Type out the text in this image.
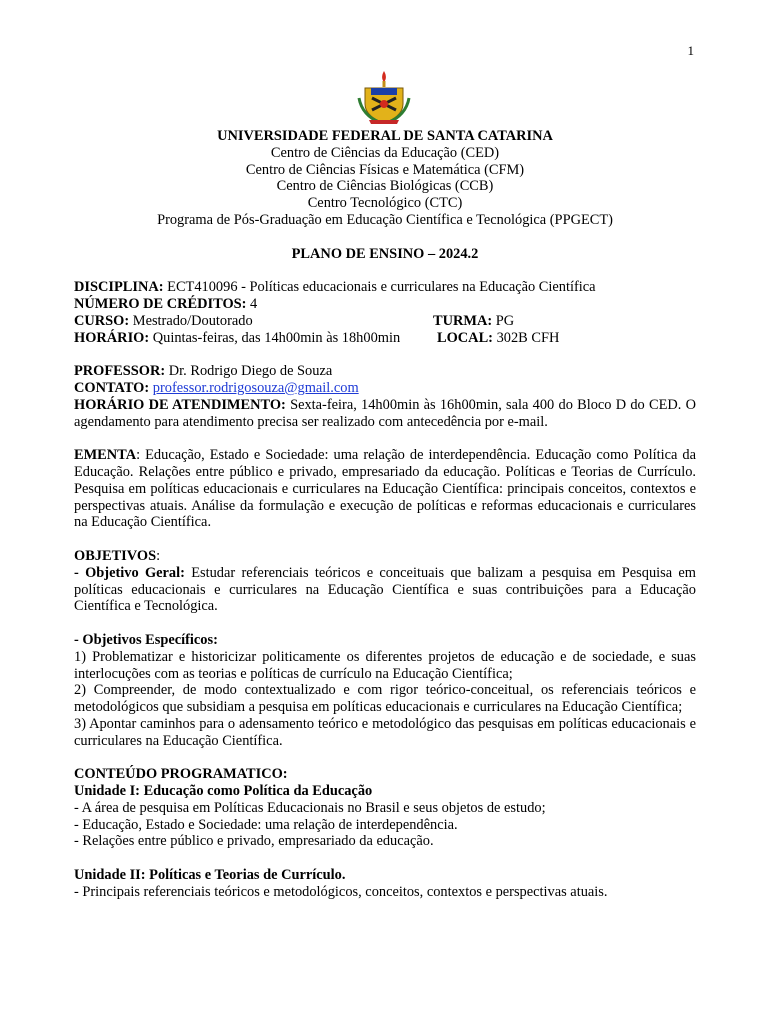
1
UNIVERSIDADE FEDERAL DE SANTA CATARINA
Centro de Ciências da Educação (CED)
Centro de Ciências Físicas e Matemática (CFM)
Centro de Ciências Biológicas (CCB)
Centro Tecnológico (CTC)
Programa de Pós-Graduação em Educação Científica e Tecnológica (PPGECT)
PLANO DE ENSINO – 2024.2

DISCIPLINA: ECT410096 - Políticas educacionais e curriculares na Educação Científica

NÚMERO DE CRÉDITOS: 4

CURSO: Mestrado/Doutorado	TURMA: PG
HORÁRIO: Quintas-feiras, das 14h00min às 18h00min	LOCAL: 302B CFH

PROFESSOR: Dr. Rodrigo Diego de Souza

CONTATO: professor.rodrigosouza@gmail.com

HORÁRIO DE ATENDIMENTO: Sexta-feira, 14h00min às 16h00min, sala 400 do Bloco D do CED. O agendamento para atendimento precisa ser realizado com antecedência por e-mail.

EMENTA: Educação, Estado e Sociedade: uma relação de interdependência. Educação como Política da Educação. Relações entre público e privado, empresariado da educação. Políticas e Teorias de Currículo. Pesquisa em políticas educacionais e curriculares na Educação Científica: principais conceitos, contextos e perspectivas atuais. Análise da formulação e execução de políticas e reformas educacionais e curriculares na Educação Científica.

OBJETIVOS:

- Objetivo Geral: Estudar referenciais teóricos e conceituais que balizam a pesquisa em Pesquisa em políticas educacionais e curriculares na Educação Científica e suas contribuições para a Educação Científica e Tecnológica.

- Objetivos Específicos:

1) Problematizar e historicizar politicamente os diferentes projetos de educação e de sociedade, e suas interlocuções com as teorias e políticas de currículo na Educação Científica;

2) Compreender, de modo contextualizado e com rigor teórico-conceitual, os referenciais teóricos e metodológicos que subsidiam a pesquisa em políticas educacionais e curriculares na Educação Científica;

3) Apontar caminhos para o adensamento teórico e metodológico das pesquisas em políticas educacionais e curriculares na Educação Científica.

CONTEÚDO PROGRAMATICO:

Unidade I: Educação como Política da Educação

- A área de pesquisa em Políticas Educacionais no Brasil e seus objetos de estudo;

- Educação, Estado e Sociedade: uma relação de interdependência.

- Relações entre público e privado, empresariado da educação.

Unidade II: Políticas e Teorias de Currículo.

- Principais referenciais teóricos e metodológicos, conceitos, contextos e perspectivas atuais.
